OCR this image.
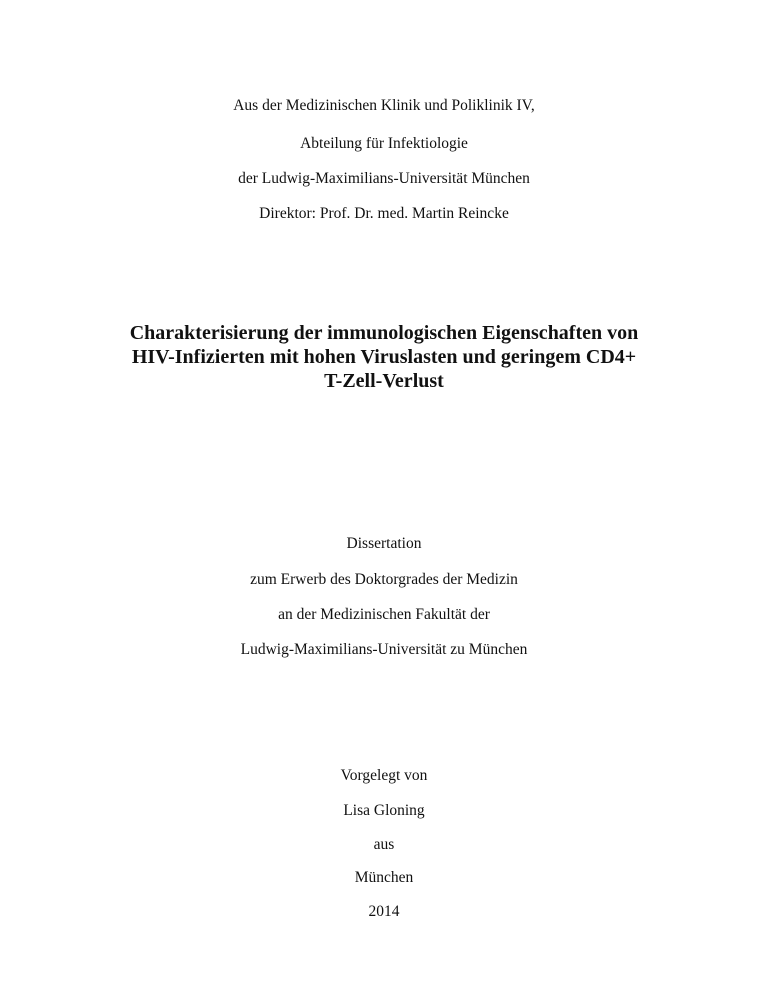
Aus der Medizinischen Klinik und Poliklinik IV,
Abteilung für Infektiologie
der Ludwig-Maximilians-Universität München
Direktor: Prof. Dr. med. Martin Reincke
Charakterisierung der immunologischen Eigenschaften von
HIV-Infizierten mit hohen Viruslasten und geringem CD4+
T-Zell-Verlust
Dissertation
zum Erwerb des Doktorgrades der Medizin
an der Medizinischen Fakultät der
Ludwig-Maximilians-Universität zu München
Vorgelegt von
Lisa Gloning
aus
München
2014
